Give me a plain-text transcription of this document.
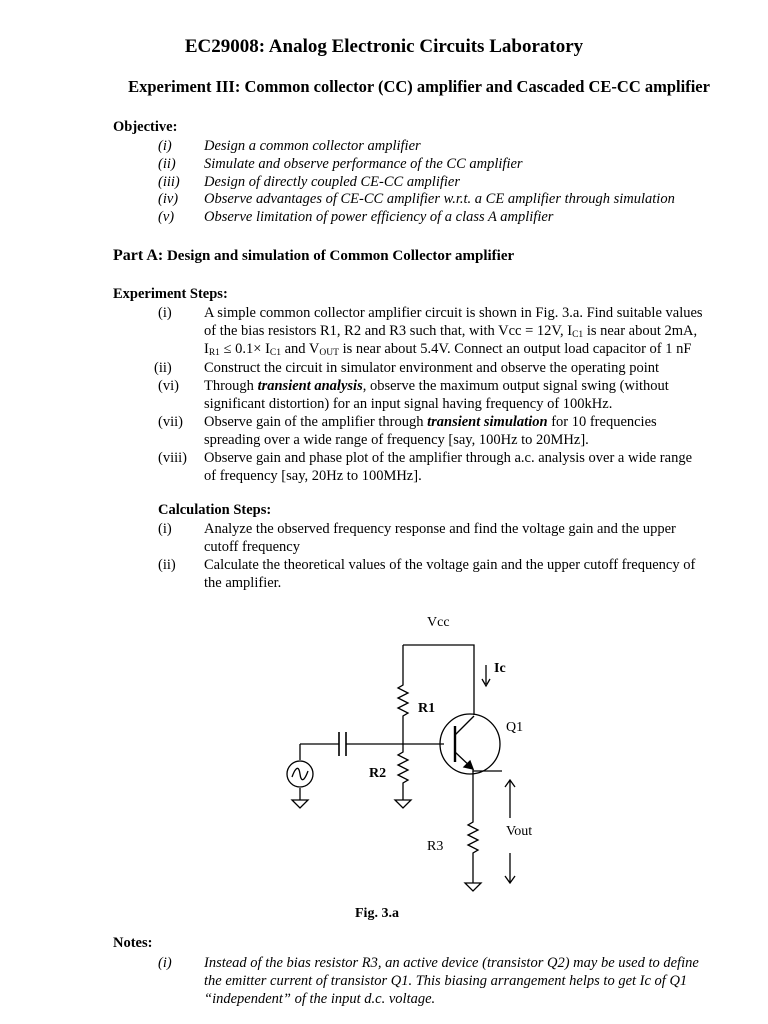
EC29008: Analog Electronic Circuits Laboratory
Experiment III: Common collector (CC) amplifier and Cascaded CE-CC amplifier
Objective:
(i) Design a common collector amplifier
(ii) Simulate and observe performance of the CC amplifier
(iii) Design of directly coupled CE-CC amplifier
(iv) Observe advantages of CE-CC amplifier w.r.t. a CE amplifier through simulation
(v) Observe limitation of power efficiency of a class A amplifier
Part A: Design and simulation of Common Collector amplifier
Experiment Steps:
(i) A simple common collector amplifier circuit is shown in Fig. 3.a. Find suitable values
of the bias resistors R1, R2 and R3 such that, with Vcc = 12V, $I_{C1}$ is near about 2mA,
$I_{R1} \le 0.1\times I_{C1}$ and $V_{OUT}$ is near about 5.4V. Connect an output load capacitor of 1 nF
(ii) Construct the circuit in simulator environment and observe the operating point
(vi) Through transient analysis, observe the maximum output signal swing (without
significant distortion) for an input signal having frequency of 100kHz.
(vii) Observe gain of the amplifier through transient simulation for 10 frequencies
spreading over a wide range of frequency [say, 100Hz to 20MHz].
(viii) Observe gain and phase plot of the amplifier through a.c. analysis over a wide range
of frequency [say, 20Hz to 100MHz].
Calculation Steps:
(i) Analyze the observed frequency response and find the voltage gain and the upper
cutoff frequency
(ii) Calculate the theoretical values of the voltage gain and the upper cutoff frequency of
the amplifier.
Vcc
Ic
R1
Q1
R2
Vout
R3
Fig. 3.a
Notes:
(i) Instead of the bias resistor R3, an active device (transistor Q2) may be used to define
the emitter current of transistor Q1. This biasing arrangement helps to get Ic of Q1
“independent” of the input d.c. voltage.
